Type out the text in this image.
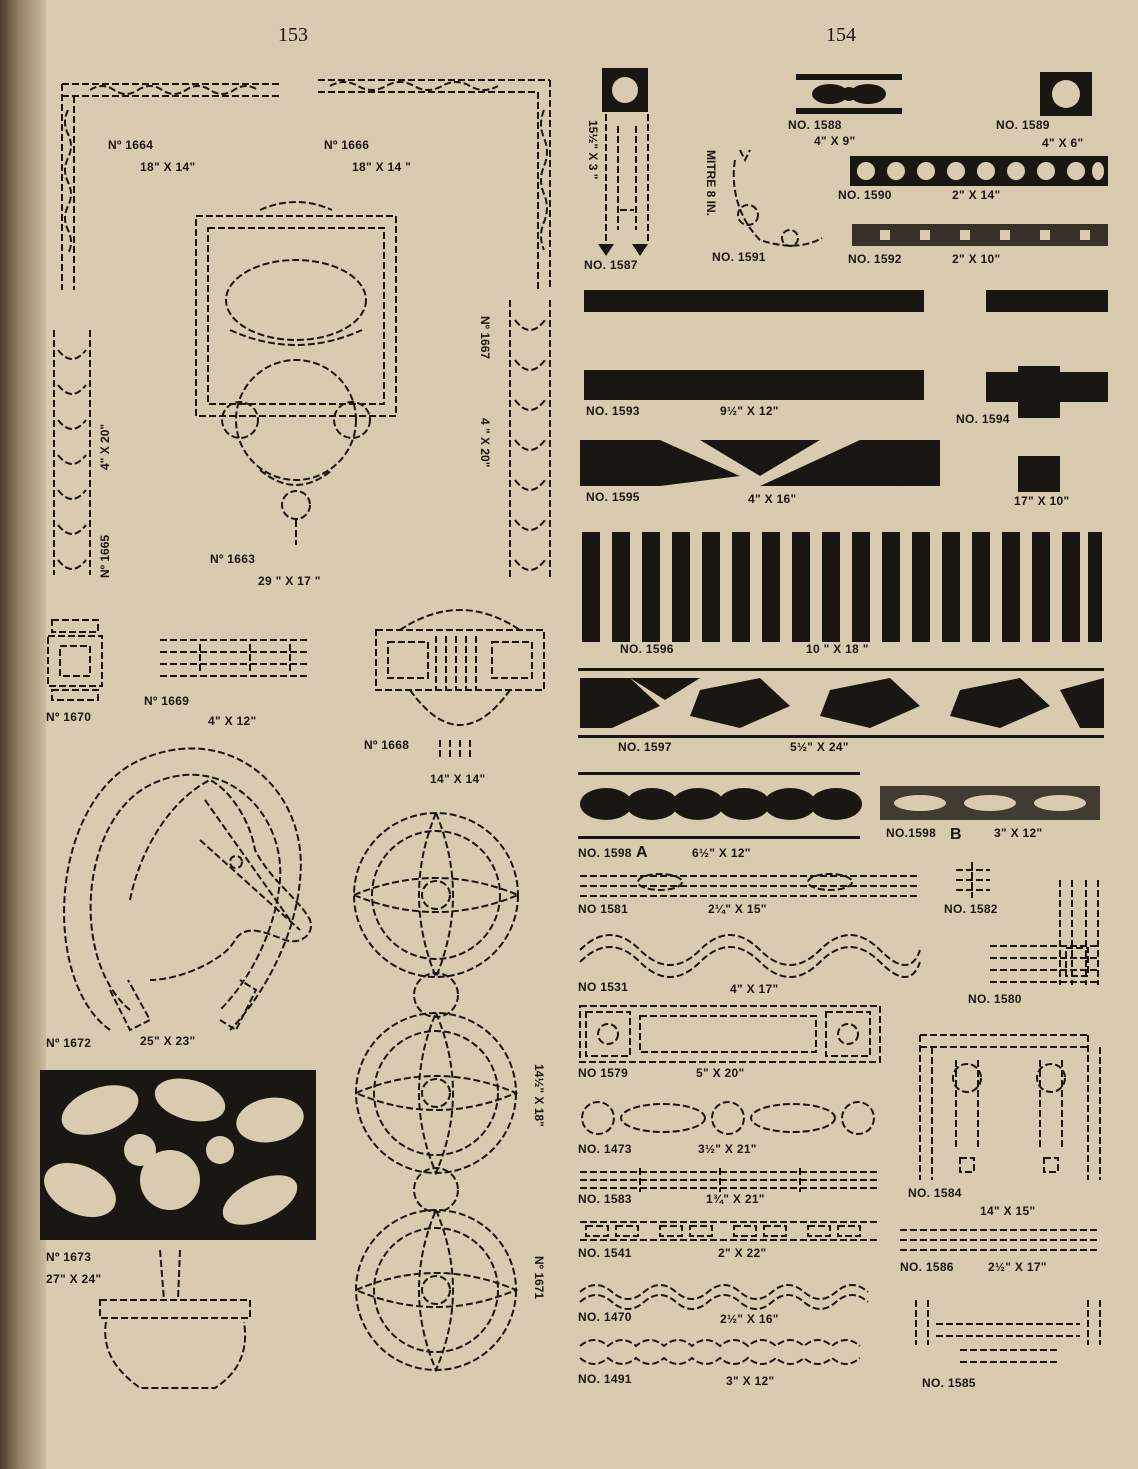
153	154
Nº 1664
18" X 14"
Nº 1666
18" X 14 "
Nº 1667
4 " X 20"
Nº 1665
4" X 20"
Nº 1663
29 " X 17 "
Nº 1670
Nº 1669
4" X 12"
Nº 1668
14" X 14"
Nº 1672	25" X 23"
Nº 1673
27" X 24"	Nº 1671
14½" X 18"
NO. 1587
15½" X 3 "
NO. 1591
MITRE 8 IN.
NO. 1588
4" X 9"
NO. 1589
4" X 6"
NO. 1590	2" X 14"
NO. 1592	2" X 10"
NO. 1593	9½" X 12"
NO. 1594
17" X 10"
NO. 1595	4" X 16"
NO. 1596	10 " X 18 "
NO. 1597	5½" X 24"
NO. 1598 A	6½" X 12"
NO.1598 B	3" X 12"
NO 1581	2¼" X 15"	NO. 1582
NO 1531	4" X 17"
NO. 1580
NO 1579	5" X 20"
NO. 1473	3½" X 21"
NO. 1583	1¾" X 21"	NO. 1584
14" X 15"
NO. 1541	2" X 22"
NO. 1586	2½" X 17"
NO. 1470	2½" X 16"
NO. 1491	3" X 12"	NO. 1585
